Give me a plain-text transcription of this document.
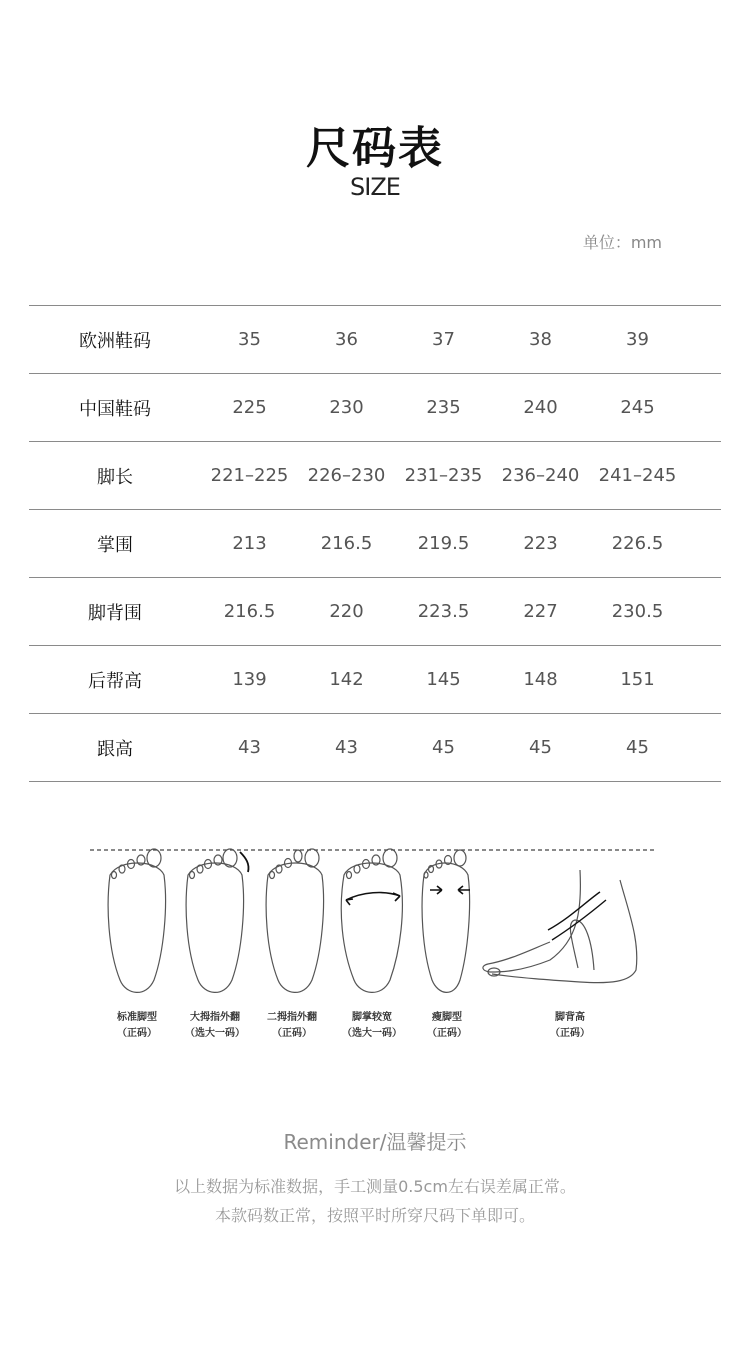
尺码表
SIZE
单位：mm
欧洲鞋码	35	36	37	38	39
中国鞋码	225	230	235	240	245
脚长	221–225	226–230	231–235	236–240	241–245
掌围	213	216.5	219.5	223	226.5
脚背围	216.5	220	223.5	227	230.5
后帮高	139	142	145	148	151
跟高	43	43	45	45	45
标准脚型
（正码）
大拇指外翻
（选大一码）
二拇指外翻
（正码）
脚掌较宽
（选大一码）
瘦脚型
（正码）
脚背高
（正码）
Reminder/温馨提示
以上数据为标准数据，手工测量0.5cm左右误差属正常。
本款码数正常，按照平时所穿尺码下单即可。
